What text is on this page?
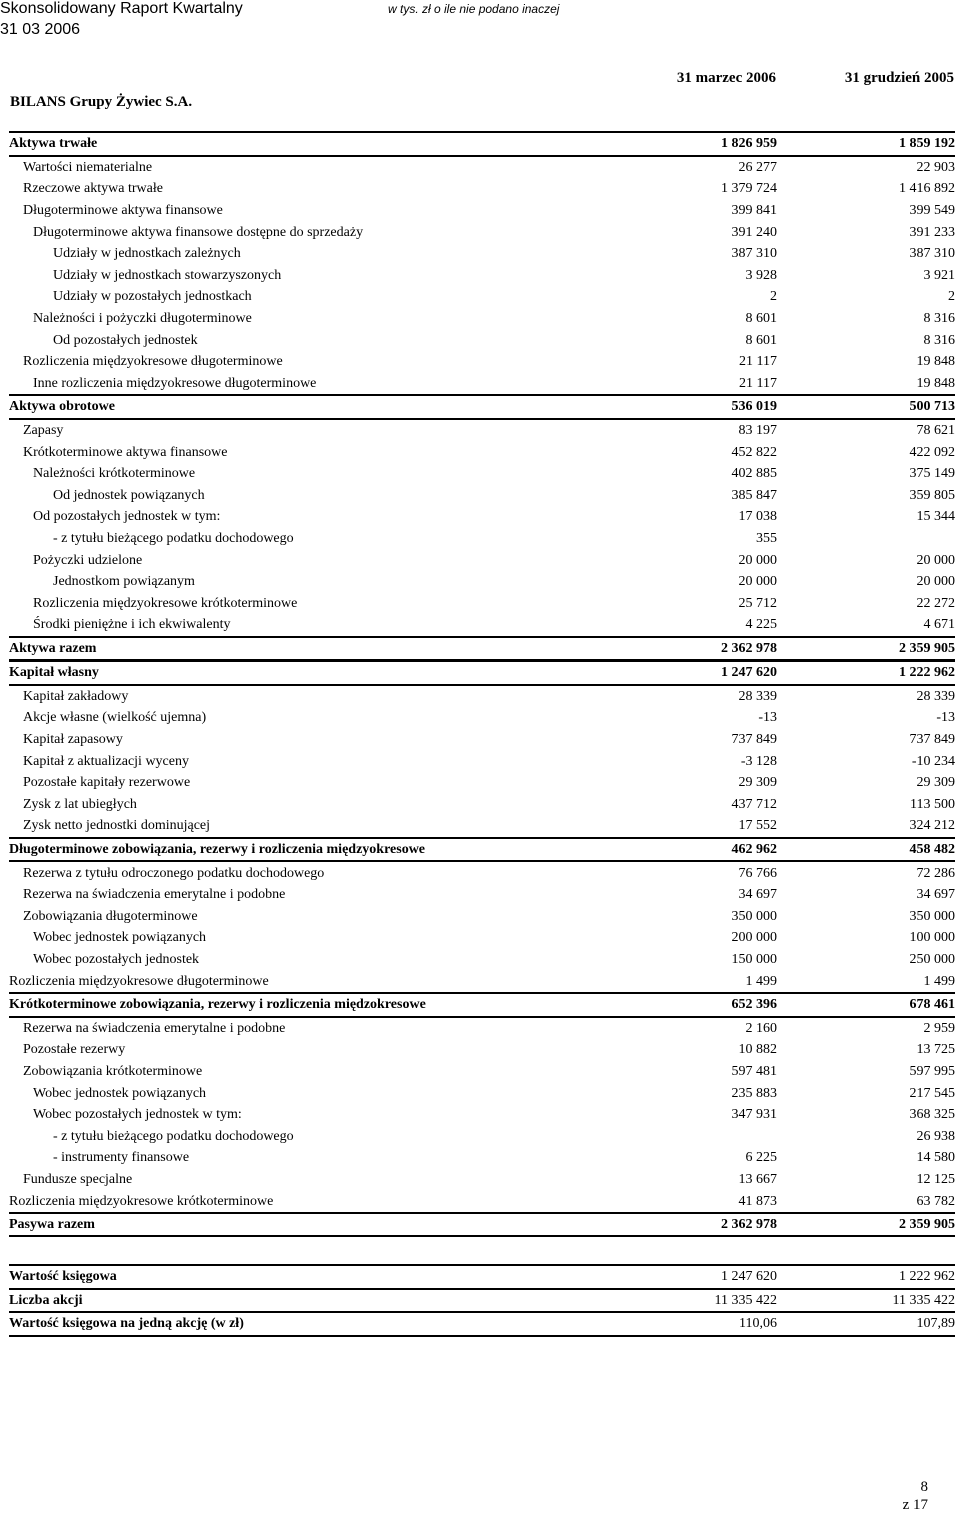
Skonsolidowany Raport Kwartalny
31 03 2006
w tys. zł o ile nie podano inaczej
31 marzec 2006	31 grudzień 2005
BILANS Grupy Żywiec S.A.
Aktywa trwałe	1 826 959	1 859 192
Wartości niematerialne	26 277	22 903
Rzeczowe aktywa trwałe	1 379 724	1 416 892
Długoterminowe aktywa finansowe	399 841	399 549
Długoterminowe aktywa finansowe dostępne do sprzedaży	391 240	391 233
Udziały w jednostkach zależnych	387 310	387 310
Udziały w jednostkach stowarzyszonych	3 928	3 921
Udziały w pozostałych jednostkach	2	2
Należności i pożyczki długoterminowe	8 601	8 316
Od pozostałych jednostek	8 601	8 316
Rozliczenia międzyokresowe długoterminowe	21 117	19 848
Inne rozliczenia międzyokresowe długoterminowe	21 117	19 848
Aktywa obrotowe	536 019	500 713
Zapasy	83 197	78 621
Krótkoterminowe aktywa finansowe	452 822	422 092
Należności krótkoterminowe	402 885	375 149
Od jednostek powiązanych	385 847	359 805
Od pozostałych jednostek w tym:	17 038	15 344
- z tytułu bieżącego podatku dochodowego	355	
Pożyczki udzielone	20 000	20 000
Jednostkom powiązanym	20 000	20 000
Rozliczenia międzyokresowe krótkoterminowe	25 712	22 272
Środki pieniężne i ich ekwiwalenty	4 225	4 671
Aktywa razem	2 362 978	2 359 905
Kapitał własny	1 247 620	1 222 962
Kapitał zakładowy	28 339	28 339
Akcje własne (wielkość ujemna)	-13	-13
Kapitał zapasowy	737 849	737 849
Kapitał z aktualizacji wyceny	-3 128	-10 234
Pozostałe kapitały rezerwowe	29 309	29 309
Zysk z lat ubiegłych	437 712	113 500
Zysk netto jednostki dominującej	17 552	324 212
Długoterminowe zobowiązania, rezerwy i rozliczenia międzyokresowe	462 962	458 482
Rezerwa z tytułu odroczonego podatku dochodowego	76 766	72 286
Rezerwa na świadczenia emerytalne i podobne	34 697	34 697
Zobowiązania długoterminowe	350 000	350 000
Wobec jednostek powiązanych	200 000	100 000
Wobec pozostałych jednostek	150 000	250 000
Rozliczenia międzyokresowe długoterminowe	1 499	1 499
Krótkoterminowe zobowiązania, rezerwy i rozliczenia międzokresowe	652 396	678 461
Rezerwa na świadczenia emerytalne i podobne	2 160	2 959
Pozostałe rezerwy	10 882	13 725
Zobowiązania krótkoterminowe	597 481	597 995
Wobec jednostek powiązanych	235 883	217 545
Wobec pozostałych jednostek w tym:	347 931	368 325
- z tytułu bieżącego podatku dochodowego		26 938
- instrumenty finansowe	6 225	14 580
Fundusze specjalne	13 667	12 125
Rozliczenia międzyokresowe krótkoterminowe	41 873	63 782
Pasywa razem	2 362 978	2 359 905
Wartość księgowa	1 247 620	1 222 962
Liczba akcji	11 335 422	11 335 422
Wartość księgowa na jedną akcję (w zł)	110,06	107,89
8
z 17
